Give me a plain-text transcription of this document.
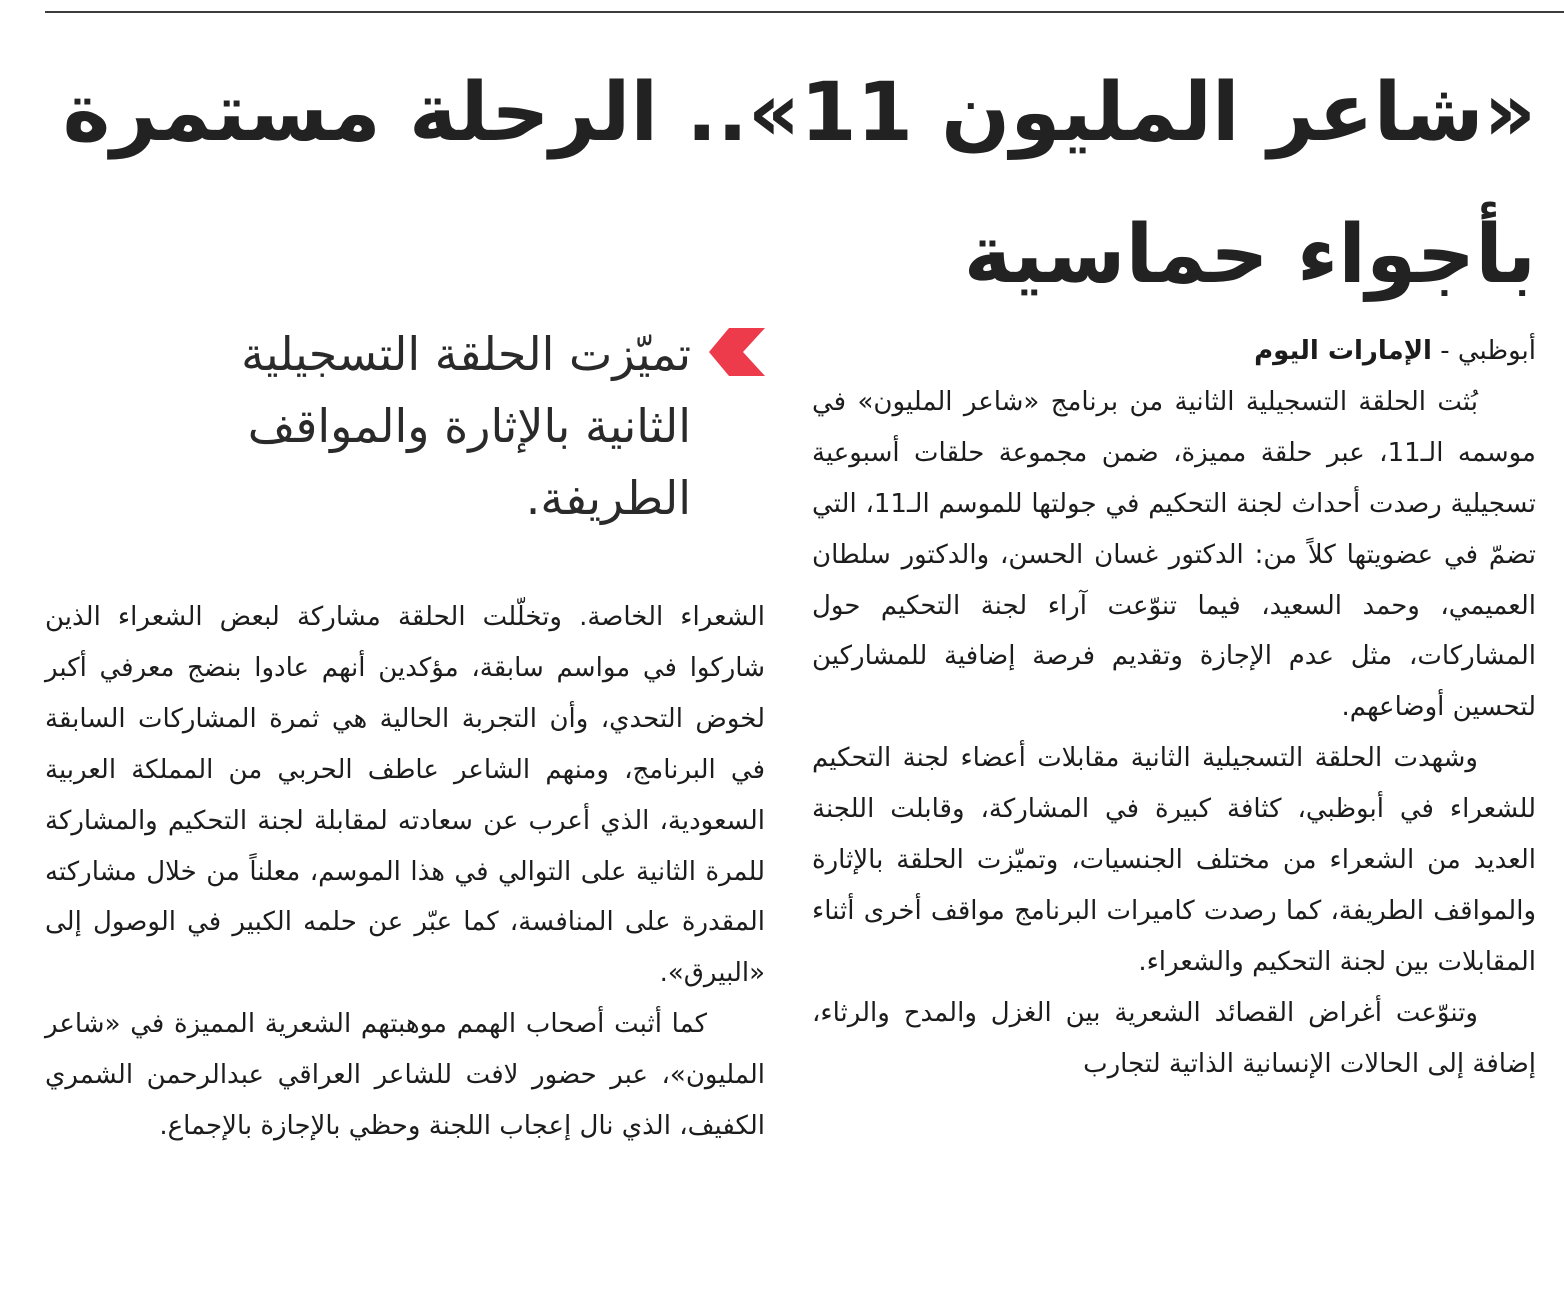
«شاعر المليون 11».. الرحلة مستمرة بأجواء حماسية

أبوظبي - الإمارات اليوم

بُثت الحلقة التسجيلية الثانية من برنامج «شاعر المليون» في موسمه الـ11، عبر حلقة مميزة، ضمن مجموعة حلقات أسبوعية تسجيلية رصدت أحداث لجنة التحكيم في جولتها للموسم الـ11، التي تضمّ في عضويتها كلاً من: الدكتور غسان الحسن، والدكتور سلطان العميمي، وحمد السعيد، فيما تنوّعت آراء لجنة التحكيم حول المشاركات، مثل عدم الإجازة وتقديم فرصة إضافية للمشاركين لتحسين أوضاعهم.

وشهدت الحلقة التسجيلية الثانية مقابلات أعضاء لجنة التحكيم للشعراء في أبوظبي، كثافة كبيرة في المشاركة، وقابلت اللجنة العديد من الشعراء من مختلف الجنسيات، وتميّزت الحلقة بالإثارة والمواقف الطريفة، كما رصدت كاميرات البرنامج مواقف أخرى أثناء المقابلات بين لجنة التحكيم والشعراء.

وتنوّعت أغراض القصائد الشعرية بين الغزل والمدح والرثاء، إضافة إلى الحالات الإنسانية الذاتية لتجارب

تميّزت الحلقة التسجيلية الثانية بالإثارة والمواقف الطريفة.

الشعراء الخاصة. وتخلّلت الحلقة مشاركة لبعض الشعراء الذين شاركوا في مواسم سابقة، مؤكدين أنهم عادوا بنضج معرفي أكبر لخوض التحدي، وأن التجربة الحالية هي ثمرة المشاركات السابقة في البرنامج، ومنهم الشاعر عاطف الحربي من المملكة العربية السعودية، الذي أعرب عن سعادته لمقابلة لجنة التحكيم والمشاركة للمرة الثانية على التوالي في هذا الموسم، معلناً من خلال مشاركته المقدرة على المنافسة، كما عبّر عن حلمه الكبير في الوصول إلى «البيرق».

كما أثبت أصحاب الهمم موهبتهم الشعرية المميزة في «شاعر المليون»، عبر حضور لافت للشاعر العراقي عبدالرحمن الشمري الكفيف، الذي نال إعجاب اللجنة وحظي بالإجازة بالإجماع.
